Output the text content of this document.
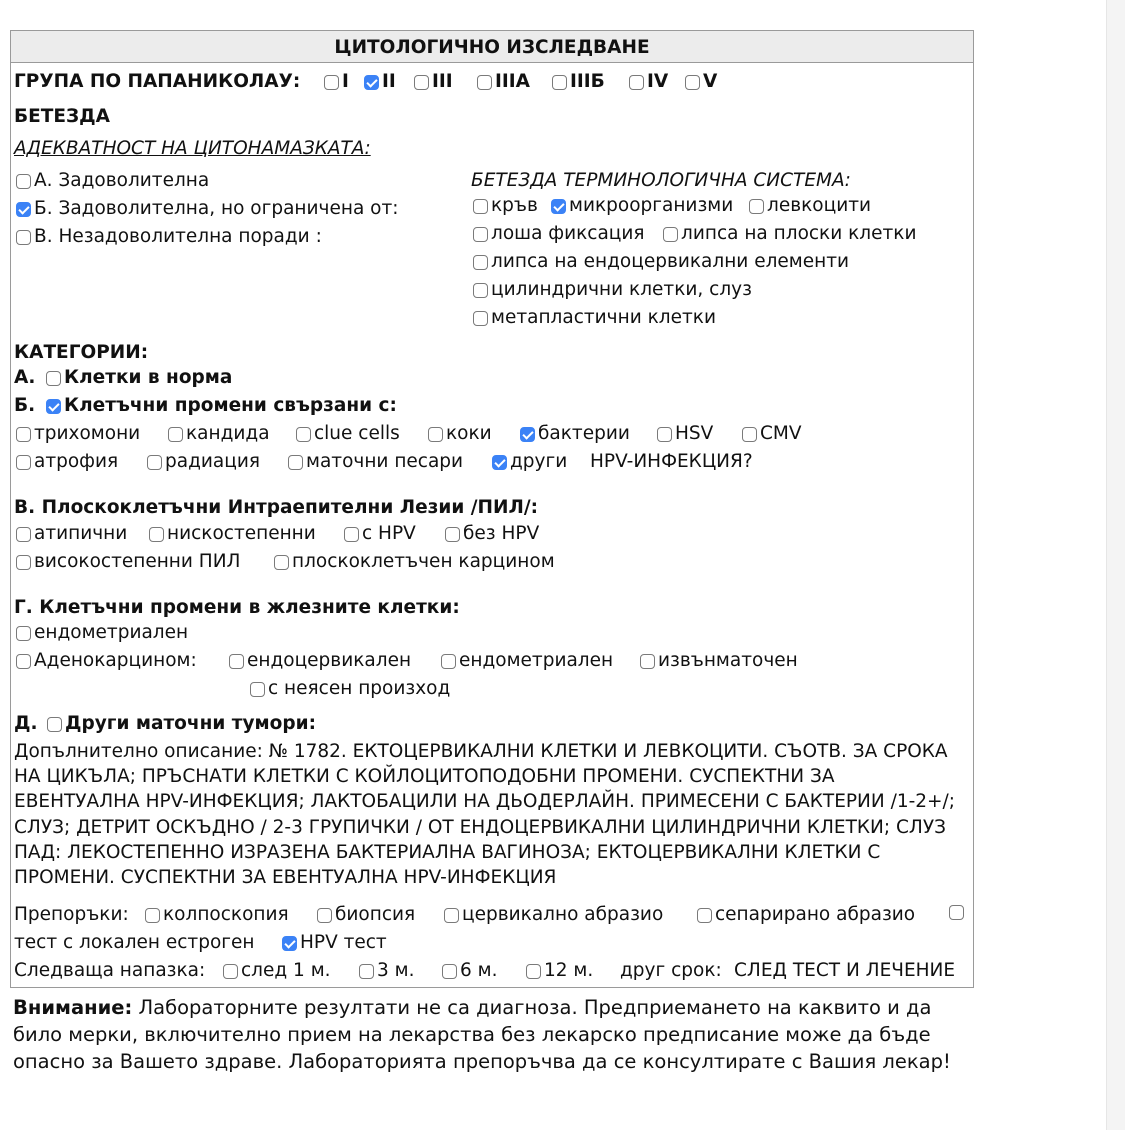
ЦИТОЛОГИЧНО ИЗСЛЕДВАНЕ
ГРУПА ПО ПАПАНИКОЛАУ:
БЕТЕЗДА
АДЕКВАТНОСТ НА ЦИТОНАМАЗКАТА:
БЕТЕЗДА ТЕРМИНОЛОГИЧНА СИСТЕМА:
КАТЕГОРИИ:
А.
Б.
HPV-ИНФЕКЦИЯ?
В. Плоскоклетъчни Интраепителни Лезии /ПИЛ/:
Г. Клетъчни промени в жлезните клетки:
Д.
Допълнително описание: № 1782. ЕКТОЦЕРВИКАЛНИ КЛЕТКИ И ЛЕВКОЦИТИ. СЪОТВ. ЗА СРОКА НА ЦИКЪЛА; ПРЪСНАТИ КЛЕТКИ С КОЙЛОЦИТОПОДОБНИ ПРОМЕНИ. СУСПЕКТНИ ЗА ЕВЕНТУАЛНА HPV-ИНФЕКЦИЯ; ЛАКТОБАЦИЛИ НА ДЬОДЕРЛАЙН. ПРИМЕСЕНИ С БАКТЕРИИ /1-2+/; СЛУЗ; ДЕТРИТ ОСКЪДНО / 2-3 ГРУПИЧКИ / ОТ ЕНДОЦЕРВИКАЛНИ ЦИЛИНДРИЧНИ КЛЕТКИ; СЛУЗ ПАД: ЛЕКОСТЕПЕННО ИЗРАЗЕНА БАКТЕРИАЛНА ВАГИНОЗА; ЕКТОЦЕРВИКАЛНИ КЛЕТКИ С ПРОМЕНИ. СУСПЕКТНИ ЗА ЕВЕНТУАЛНА HPV-ИНФЕКЦИЯ
Препоръки:
Следваща напазка:	друг срок: СЛЕД ТЕСТ И ЛЕЧЕНИЕ
I II III IIIA IIIБ IV V
А. Задоволителна
Б. Задоволителна, но ограничена от:
В. Незадоволителна поради :
кръв микроорганизми левкоцити
лоша фиксация липса на плоски клетки
липса на ендоцервикални елементи
цилиндрични клетки, слуз
метапластични клетки
Клетки в норма
Клетъчни промени свързани с:
трихомони кандида clue cells коки	бактерии HSV	CMV
атрофия	радиация маточни песари	други
атипични нискостепенни с HPV	без HPV
високостепенни ПИЛ	плоскоклетъчен карцином
ендометриален
Аденокарцином:	ендоцервикален	ендометриален извънматочен
с неясен произход
Други маточни тумори:
колпоскопия	биопсия	цервикално абразио	сепарирано абразио
HPV тест
след 1 м.	3 м. 6 м.	12 м.
тест с локален естроген
Внимание: Лабораторните резултати не са диагноза. Предприемането на каквито и да било мерки, включително прием на лекарства без лекарско предписание може да бъде опасно за Вашето здраве. Лабораторията препоръчва да се консултирате с Вашия лекар!
